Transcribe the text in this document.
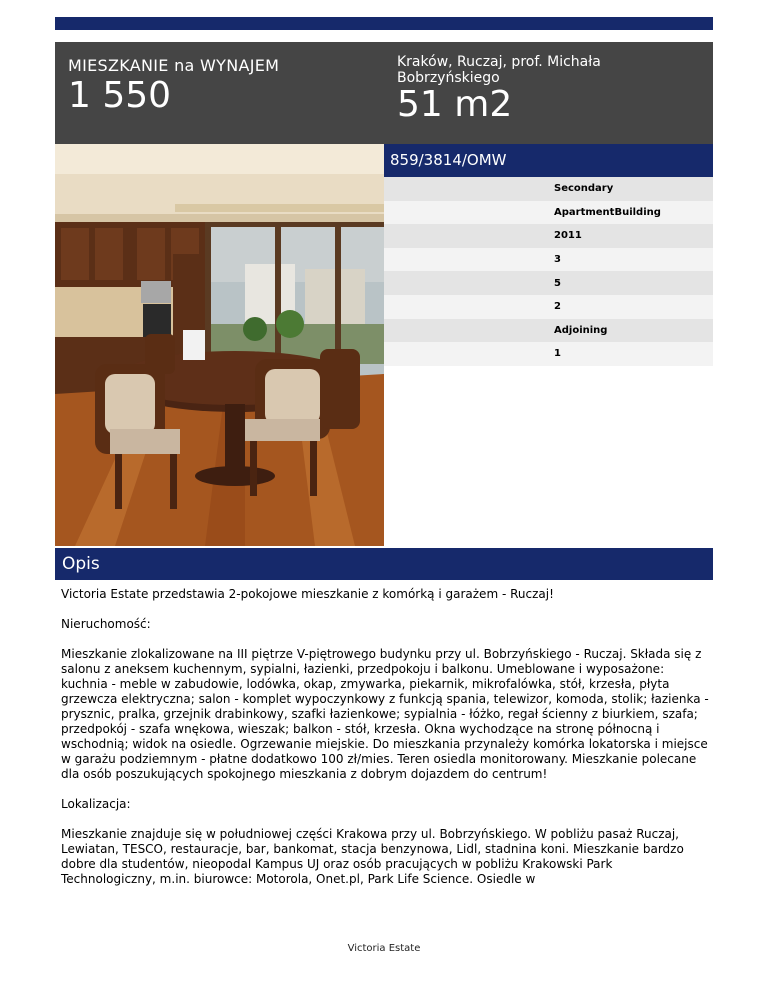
MIESZKANIE na WYNAJEM
1 550
Kraków, Ruczaj, prof. Michała Bobrzyńskiego
51 m2
859/3814/OMW
Secondary
ApartmentBuilding
2011
3
5
2
Adjoining
1
Opis

Victoria Estate przedstawia 2-pokojowe mieszkanie z komórką i garażem - Ruczaj!

Nieruchomość:

Mieszkanie zlokalizowane na III piętrze V-piętrowego budynku przy ul. Bobrzyńskiego - Ruczaj. Składa się z salonu z aneksem kuchennym, sypialni, łazienki, przedpokoju i balkonu. Umeblowane i wyposażone: kuchnia - meble w zabudowie, lodówka, okap, zmywarka, piekarnik, mikrofalówka, stół, krzesła, płyta grzewcza elektryczna; salon - komplet wypoczynkowy z funkcją spania, telewizor, komoda, stolik; łazienka - prysznic, pralka, grzejnik drabinkowy, szafki łazienkowe; sypialnia - łóżko, regał ścienny z biurkiem, szafa; przedpokój - szafa wnękowa, wieszak; balkon - stół, krzesła. Okna wychodzące na stronę północną i wschodnią; widok na osiedle. Ogrzewanie miejskie. Do mieszkania przynależy komórka lokatorska i miejsce w garażu podziemnym - płatne dodatkowo 100 zł/mies. Teren osiedla monitorowany. Mieszkanie polecane dla osób poszukujących spokojnego mieszkania z dobrym dojazdem do centrum!

Lokalizacja:

Mieszkanie znajduje się w południowej części Krakowa przy ul. Bobrzyńskiego. W pobliżu pasaż Ruczaj, Lewiatan, TESCO, restauracje, bar, bankomat, stacja benzynowa, Lidl, stadnina koni. Mieszkanie bardzo dobre dla studentów, nieopodal Kampus UJ oraz osób pracujących w pobliżu Krakowski Park Technologiczny, m.in. biurowce: Motorola, Onet.pl, Park Life Science. Osiedle w

Victoria Estate
